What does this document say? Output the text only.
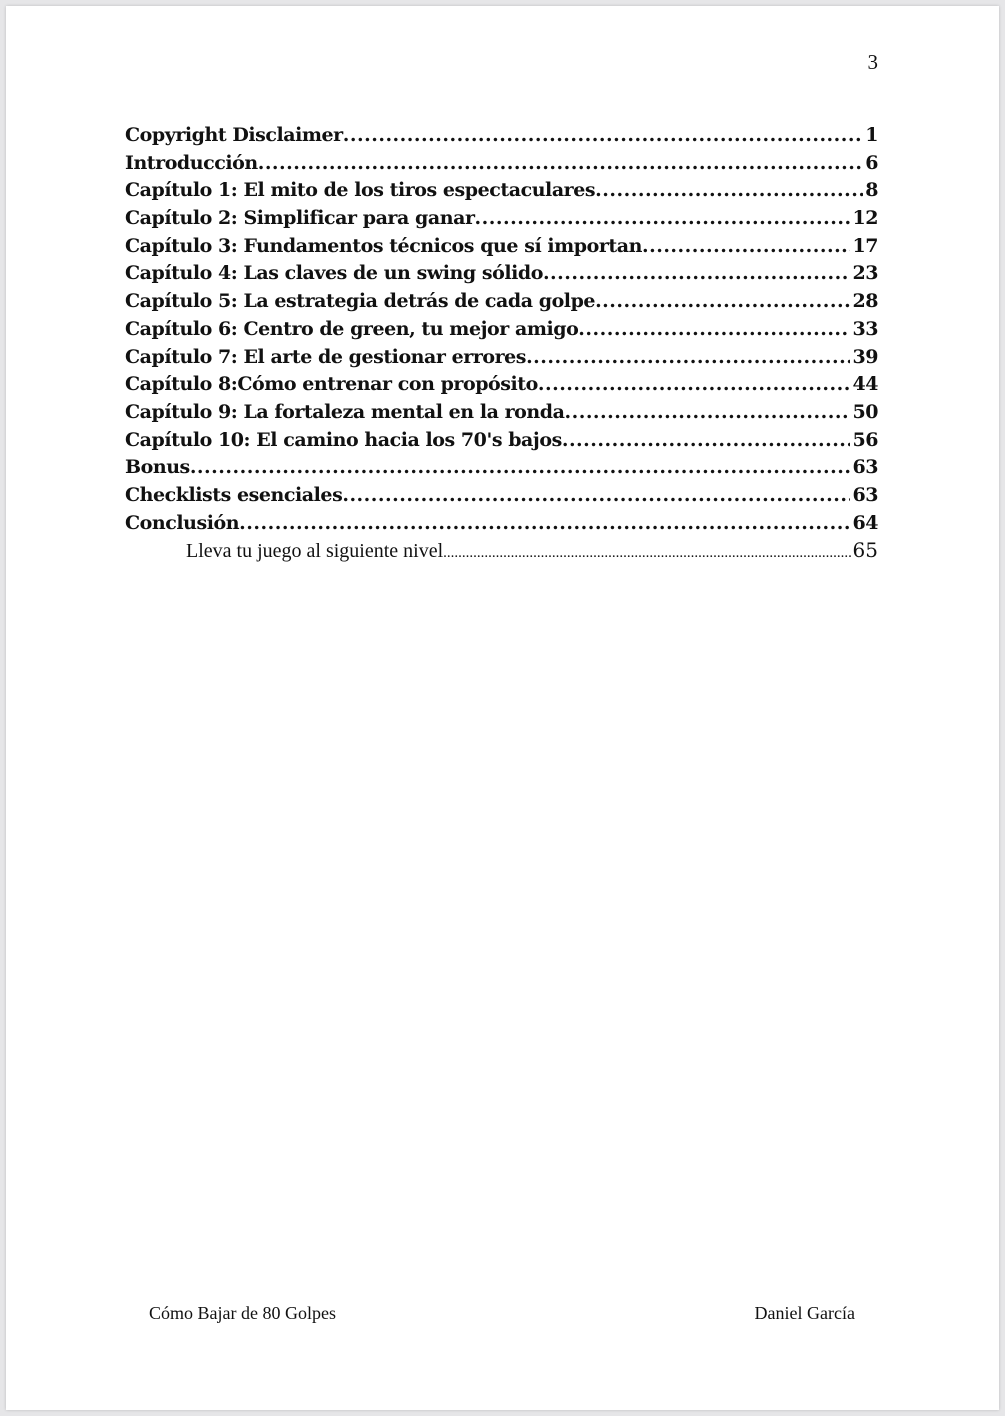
3
Copyright Disclaimer .....	1
Introducción .....	6
Capítulo 1: El mito de los tiros espectaculares .....	8
Capítulo 2: Simplificar para ganar .....	12
Capítulo 3: Fundamentos técnicos que sí importan .....	17
Capítulo 4: Las claves de un swing sólido .....	23
Capítulo 5: La estrategia detrás de cada golpe .....	28
Capítulo 6: Centro de green, tu mejor amigo .....	33
Capítulo 7: El arte de gestionar errores .....	39
Capítulo 8:Cómo entrenar con propósito .....	44
Capítulo 9: La fortaleza mental en la ronda .....	50
Capítulo 10: El camino hacia los 70's bajos .....	56
Bonus .....	63
Checklists esenciales .....	63
Conclusión .....	64
Lleva tu juego al siguiente nivel .....	65
Cómo Bajar de 80 Golpes	Daniel García
